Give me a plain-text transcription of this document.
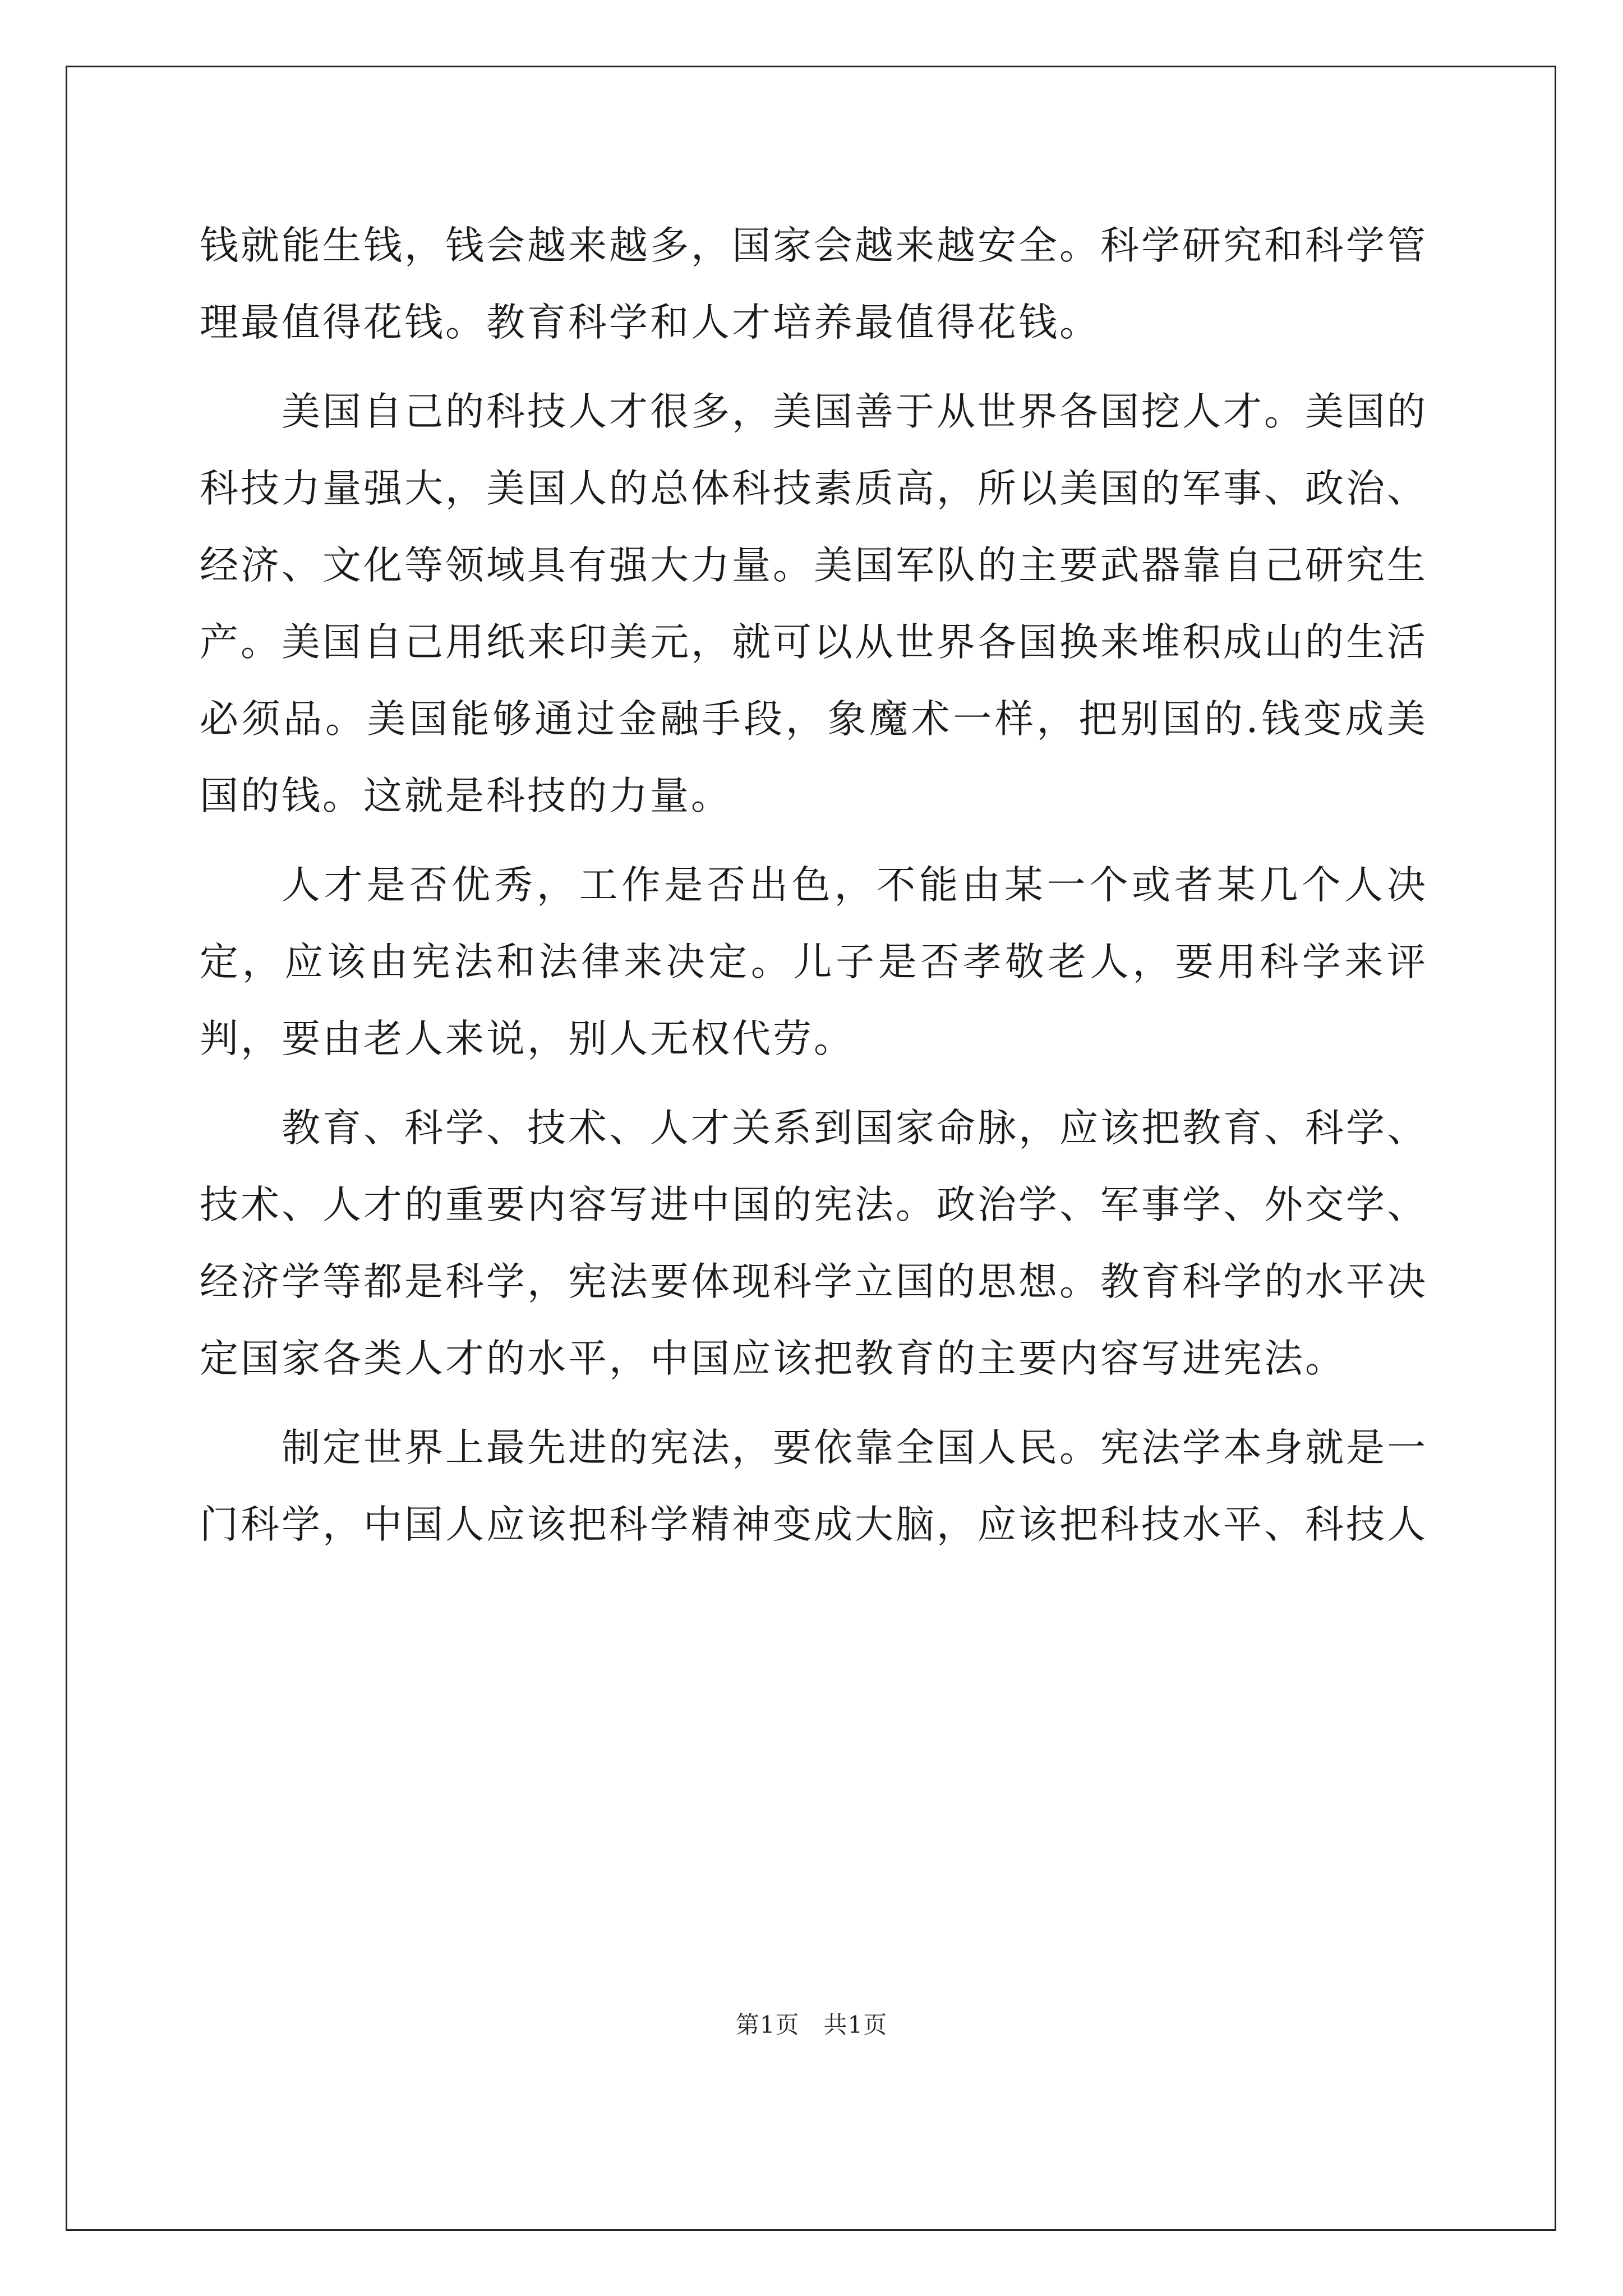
钱就能生钱，钱会越来越多，国家会越来越安全。科学研究和科学管理最值得花钱。教育科学和人才培养最值得花钱。

美国自己的科技人才很多，美国善于从世界各国挖人才。美国的科技力量强大，美国人的总体科技素质高，所以美国的军事、政治、经济、文化等领域具有强大力量。美国军队的主要武器靠自己研究生产。美国自己用纸来印美元，就可以从世界各国换来堆积成山的生活必须品。美国能够通过金融手段，象魔术一样，把别国的.钱变成美国的钱。这就是科技的力量。

人才是否优秀，工作是否出色，不能由某一个或者某几个人决定，应该由宪法和法律来决定。儿子是否孝敬老人，要用科学来评判，要由老人来说，别人无权代劳。

教育、科学、技术、人才关系到国家命脉，应该把教育、科学、技术、人才的重要内容写进中国的宪法。政治学、军事学、外交学、经济学等都是科学，宪法要体现科学立国的思想。教育科学的水平决定国家各类人才的水平，中国应该把教育的主要内容写进宪法。

制定世界上最先进的宪法，要依靠全国人民。宪法学本身就是一门科学，中国人应该把科学精神变成大脑，应该把科技水平、科技人

第1页　共1页
